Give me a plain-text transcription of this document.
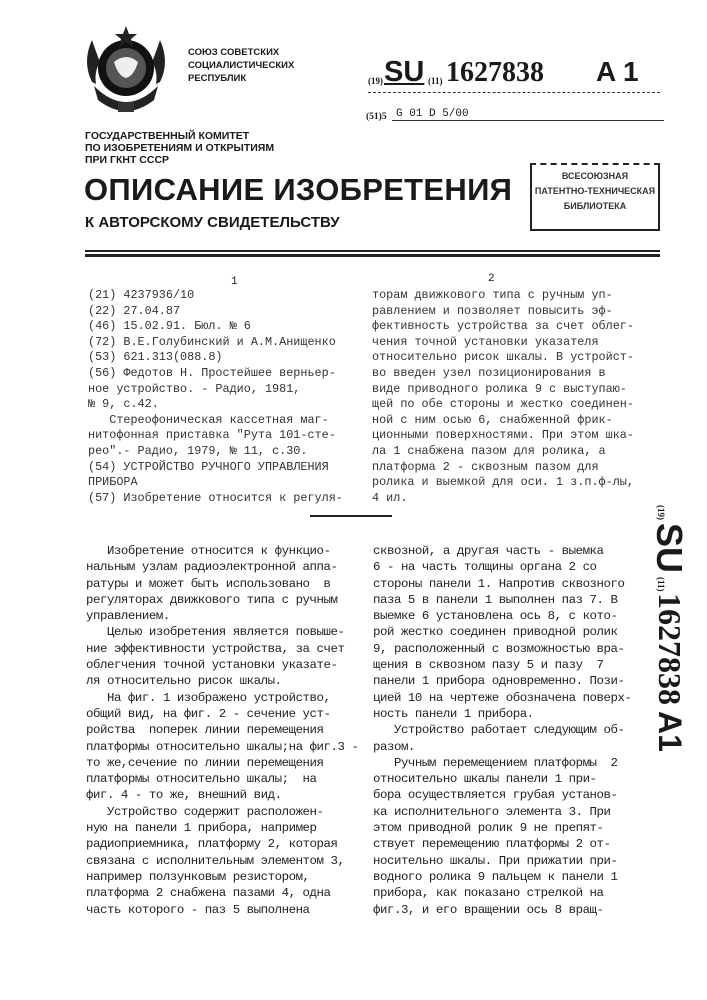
СОЮЗ СОВЕТСКИХ
СОЦИАЛИСТИЧЕСКИХ
РЕСПУБЛИК	(19) SU (11) 1627838 A 1
(51)5 G 01 D 5/00
ГОСУДАРСТВЕННЫЙ КОМИТЕТ
ПО ИЗОБРЕТЕНИЯМ И ОТКРЫТИЯМ
ПРИ ГКНТ СССР
ОПИСАНИЕ ИЗОБРЕТЕНИЯ
К АВТОРСКОМУ СВИДЕТЕЛЬСТВУ
ВСЕСОЮЗНАЯ
ПАТЕНТНО-ТЕХНИЧЕСКАЯ
БИБЛИОТЕКА
1	2
(21) 4237936/10
(22) 27.04.87
(46) 15.02.91. Бюл. № 6
(72) В.Е.Голубинский и А.М.Анищенко
(53) 621.313(088.8)
(56) Федотов Н. Простейшее верньер-
ное устройство. - Радио, 1981,
№ 9, с.42.
Стереофоническая кассетная маг-
нитофонная приставка "Рута 101-сте-
рео".- Радио, 1979, № 11, с.30.
(54) УСТРОЙСТВО РУЧНОГО УПРАВЛЕНИЯ
ПРИБОРА
(57) Изобретение относится к регуля-
торам движкового типа с ручным уп-
равлением и позволяет повысить эф-
фективность устройства за счет облег-
чения точной установки указателя
относительно рисок шкалы. В устройст-
во введен узел позиционирования в
виде приводного ролика 9 с выступаю-
щей по обе стороны и жестко соединен-
ной с ним осью 6, снабженной фрик-
ционными поверхностями. При этом шка-
ла 1 снабжена пазом для ролика, а
платформа 2 - сквозным пазом для
ролика и выемкой для оси. 1 з.п.ф-лы,
4 ил.
Изобретение относится к функцио-
нальным узлам радиоэлектронной аппа-
ратуры и может быть использовано  в
регуляторах движкового типа с ручным
управлением.
Целью изобретения является повыше-
ние эффективности устройства, за счет
облегчения точной установки указате-
ля относительно рисок шкалы.
На фиг. 1 изображено устройство,
общий вид, на фиг. 2 - сечение уст-
ройства  поперек линии перемещения
платформы относительно шкалы;на фиг.3 -
то же,сечение по линии перемещения
платформы относительно шкалы;  на
фиг. 4 - то же, внешний вид.
Устройство содержит расположен-
ную на панели 1 прибора, например
радиоприемника, платформу 2, которая
связана с исполнительным элементом 3,
например ползунковым резистором,
платформа 2 снабжена пазами 4, одна
часть которого - паз 5 выполнена
сквозной, а другая часть - выемка
6 - на часть толщины органа 2 со
стороны панели 1. Напротив сквозного
паза 5 в панели 1 выполнен паз 7. В
выемке 6 установлена ось 8, с кото-
рой жестко соединен приводной ролик
9, расположенный с возможностью вра-
щения в сквозном пазу 5 и пазу  7
панели 1 прибора одновременно. Пози-
цией 10 на чертеже обозначена поверх-
ность панели 1 прибора.
Устройство работает следующим об-
разом.
Ручным перемещением платформы  2
относительно шкалы панели 1 при-
бора осуществляется грубая установ-
ка исполнительного элемента 3. При
этом приводной ролик 9 не препят-
ствует перемещению платформы 2 от-
носительно шкалы. При прижатии при-
водного ролика 9 пальцем к панели 1
прибора, как показано стрелкой на
фиг.3, и его вращении ось 8 вращ-
(19)
SU
(11)
1627838
A1
